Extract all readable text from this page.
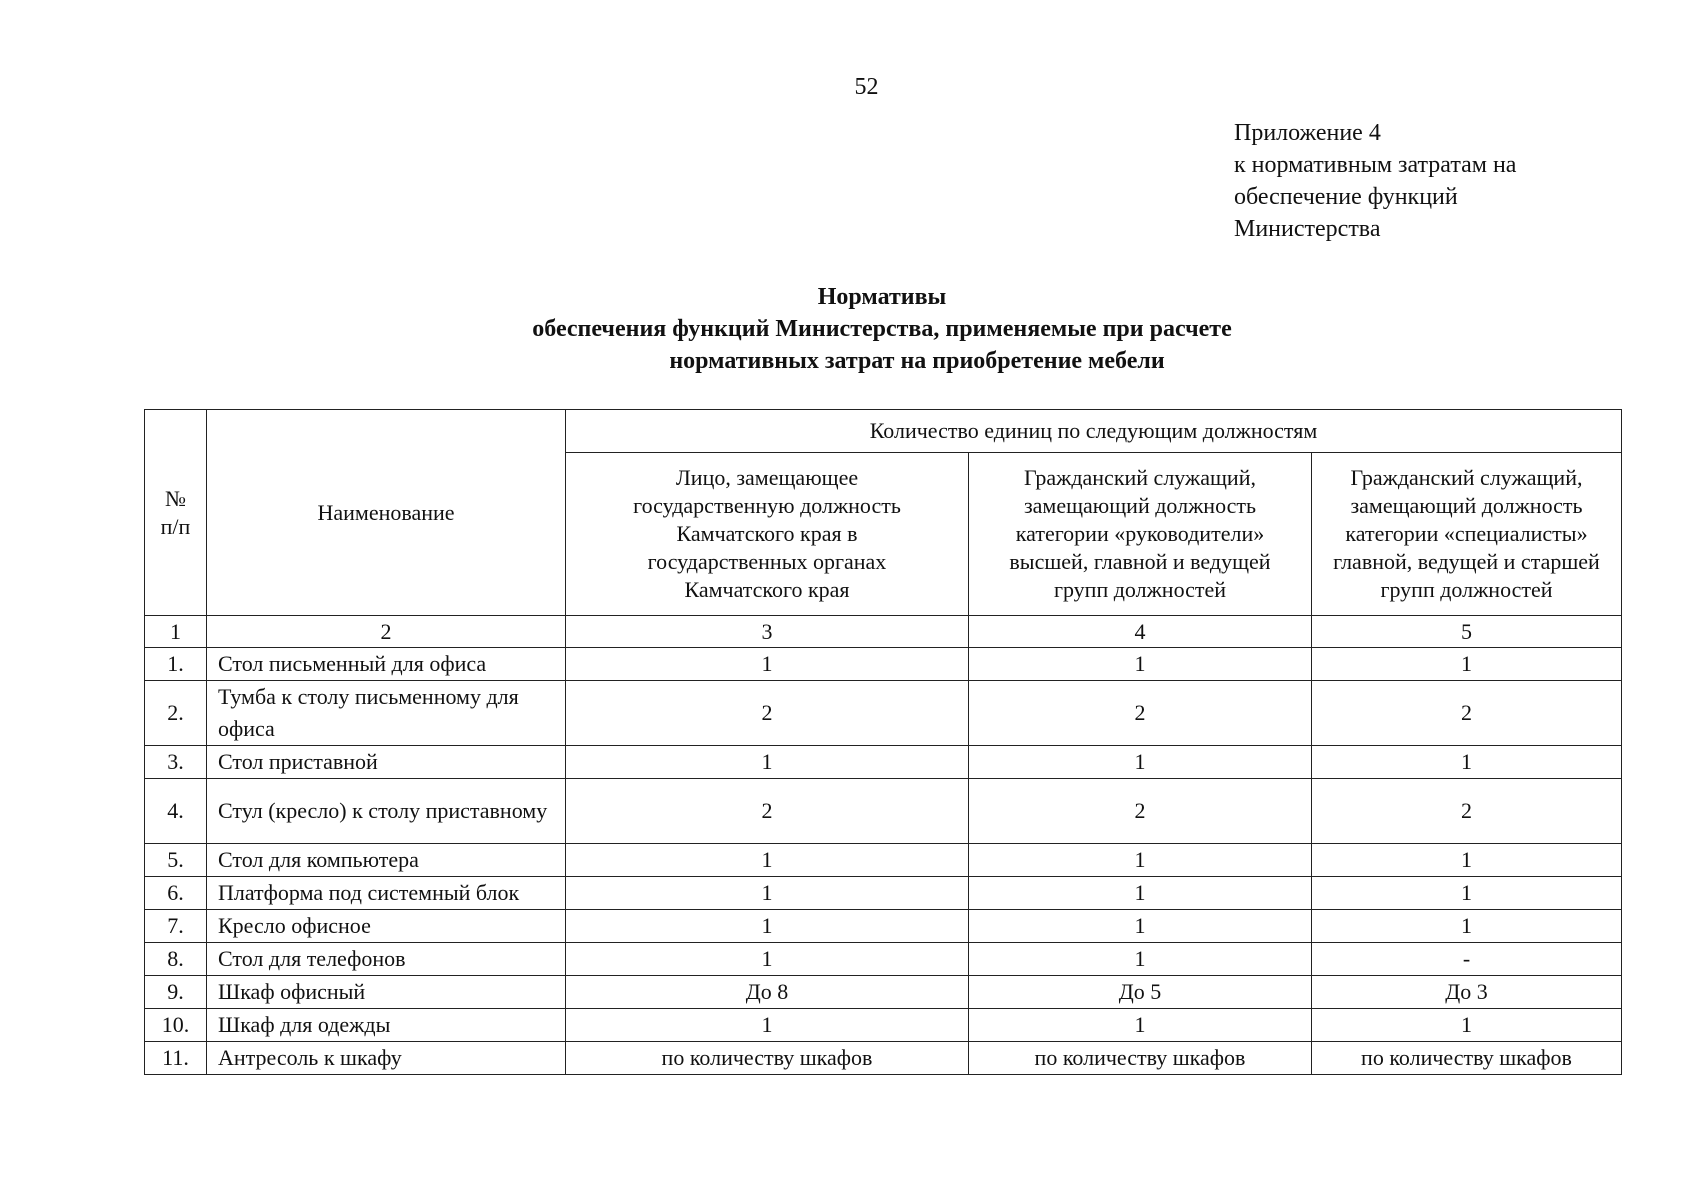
52
Приложение 4
к нормативным затратам на
обеспечение функций
Министерства
Нормативы
обеспечения функций Министерства, применяемые при расчете
нормативных затрат на приобретение мебели
№ п/п	Наименование	Количество единиц по следующим должностям		
		Лицо, замещающее государственную должность Камчатского края в государственных органах Камчатского края	Гражданский служащий, замещающий должность категории «руководители» высшей, главной и ведущей групп должностей	Гражданский служащий, замещающий должность категории «специалисты» главной, ведущей и старшей групп должностей
1	2	3	4	5
1.	Стол письменный для офиса	1	1	1
2.	Тумба к столу письменному для офиса	2	2	2
3.	Стол приставной	1	1	1
4.	Стул (кресло) к столу приставному	2	2	2
5.	Стол для компьютера	1	1	1
6.	Платформа под системный блок	1	1	1
7.	Кресло офисное	1	1	1
8.	Стол для телефонов	1	1	-
9.	Шкаф офисный	До 8	До 5	До 3
10.	Шкаф для одежды	1	1	1
11.	Антресоль к шкафу	по количеству шкафов	по количеству шкафов	по количеству шкафов
